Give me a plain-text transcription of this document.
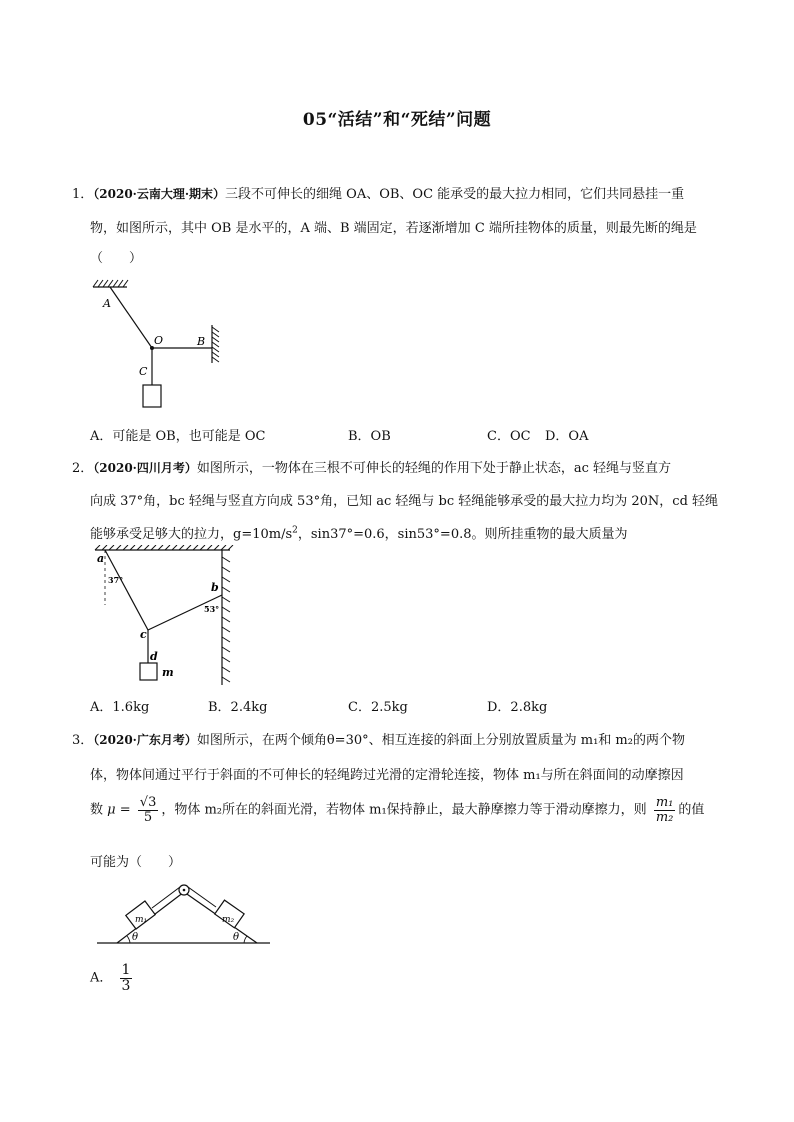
05“活结”和“死结”问题
1．（2020·云南大理·期末）三段不可伸长的细绳 OA、OB、OC 能承受的最大拉力相同，它们共同悬挂一重
物，如图所示，其中 OB 是水平的，A 端、B 端固定，若逐渐增加 C 端所挂物体的质量，则最先断的绳是
（　　）
A
O	B
C
A．可能是 OB，也可能是 OC	B．OB	C．OC D．OA
2．（2020·四川月考）如图所示，一物体在三根不可伸长的轻绳的作用下处于静止状态，ac 轻绳与竖直方
向成 37°角，bc 轻绳与竖直方向成 53°角，已知 ac 轻绳与 bc 轻绳能够承受的最大拉力均为 20N，cd 轻绳
能够承受足够大的拉力，$g=10m/s^2$，sin37°=0.6，sin53°=0.8。则所挂重物的最大质量为
a
37°
b
53°
c
d
m
A．1.6kg	B．2.4kg	C．2.5kg	D．2.8kg
3．（2020·广东月考）如图所示，在两个倾角θ=30°、相互连接的斜面上分别放置质量为 m₁和 m₂的两个物
体，物体间通过平行于斜面的不可伸长的轻绳跨过光滑的定滑轮连接，物体 m₁与所在斜面间的动摩擦因
数 $\mu = \frac{√3}{5}$ ，物体 m₂所在的斜面光滑，若物体 m₁保持静止，最大静摩擦力等于滑动摩擦力，则 $\frac{\text{m₁}}{\text{m₂}}$ 的值
可能为（　　）
m₁	m₂
θ	θ
A． $\frac{1}{3}$
